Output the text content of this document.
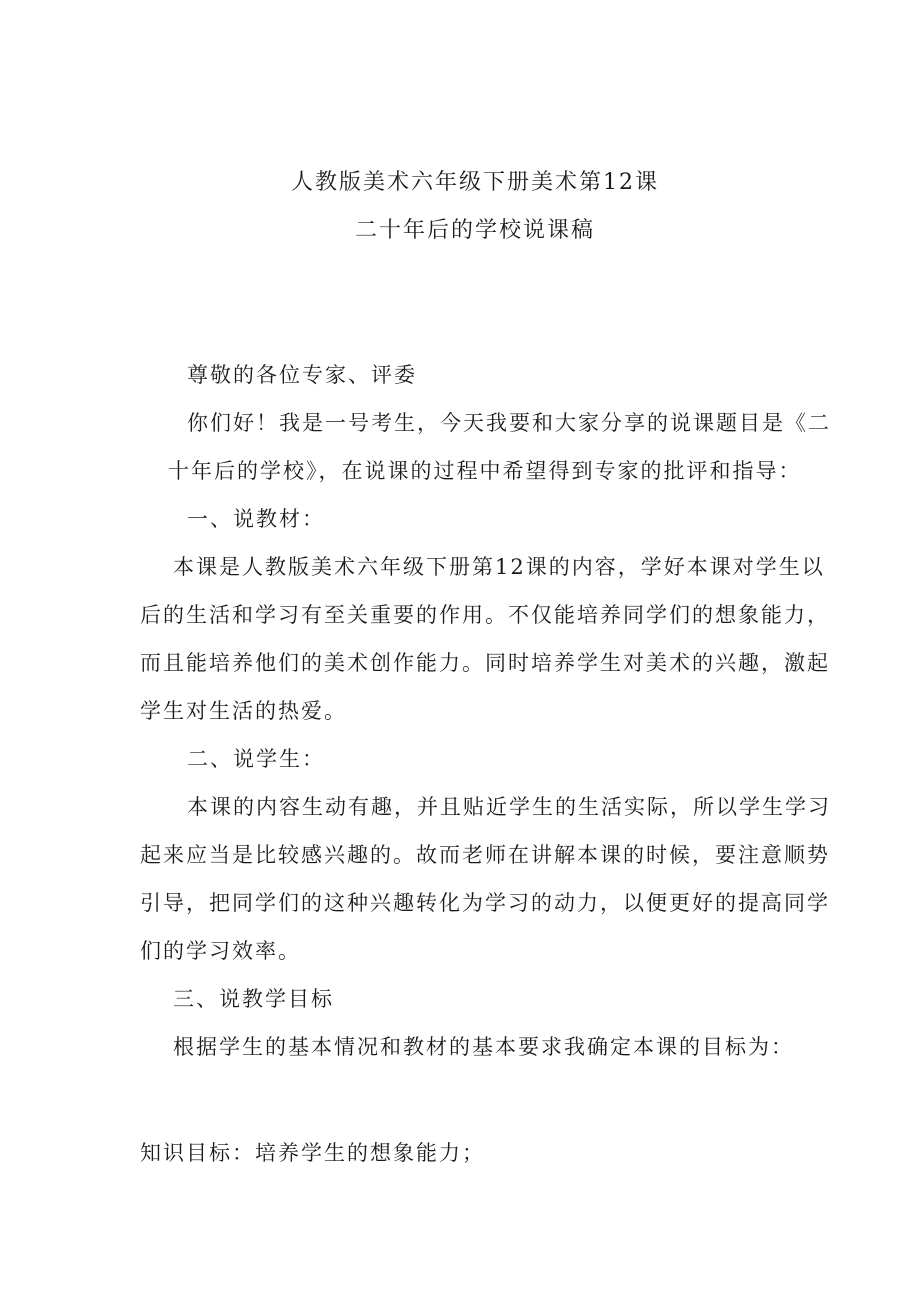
人教版美术六年级下册美术第12课
二十年后的学校说课稿
尊敬的各位专家、评委
你们好！我是一号考生，今天我要和大家分享的说课题目是《二
十年后的学校》，在说课的过程中希望得到专家的批评和指导：
一、说教材：
本课是人教版美术六年级下册第12课的内容，学好本课对学生以
后的生活和学习有至关重要的作用。不仅能培养同学们的想象能力，
而且能培养他们的美术创作能力。同时培养学生对美术的兴趣，激起
学生对生活的热爱。
二、说学生：
本课的内容生动有趣，并且贴近学生的生活实际，所以学生学习
起来应当是比较感兴趣的。故而老师在讲解本课的时候，要注意顺势
引导，把同学们的这种兴趣转化为学习的动力，以便更好的提高同学
们的学习效率。
三、说教学目标
根据学生的基本情况和教材的基本要求我确定本课的目标为：
知识目标：培养学生的想象能力；
